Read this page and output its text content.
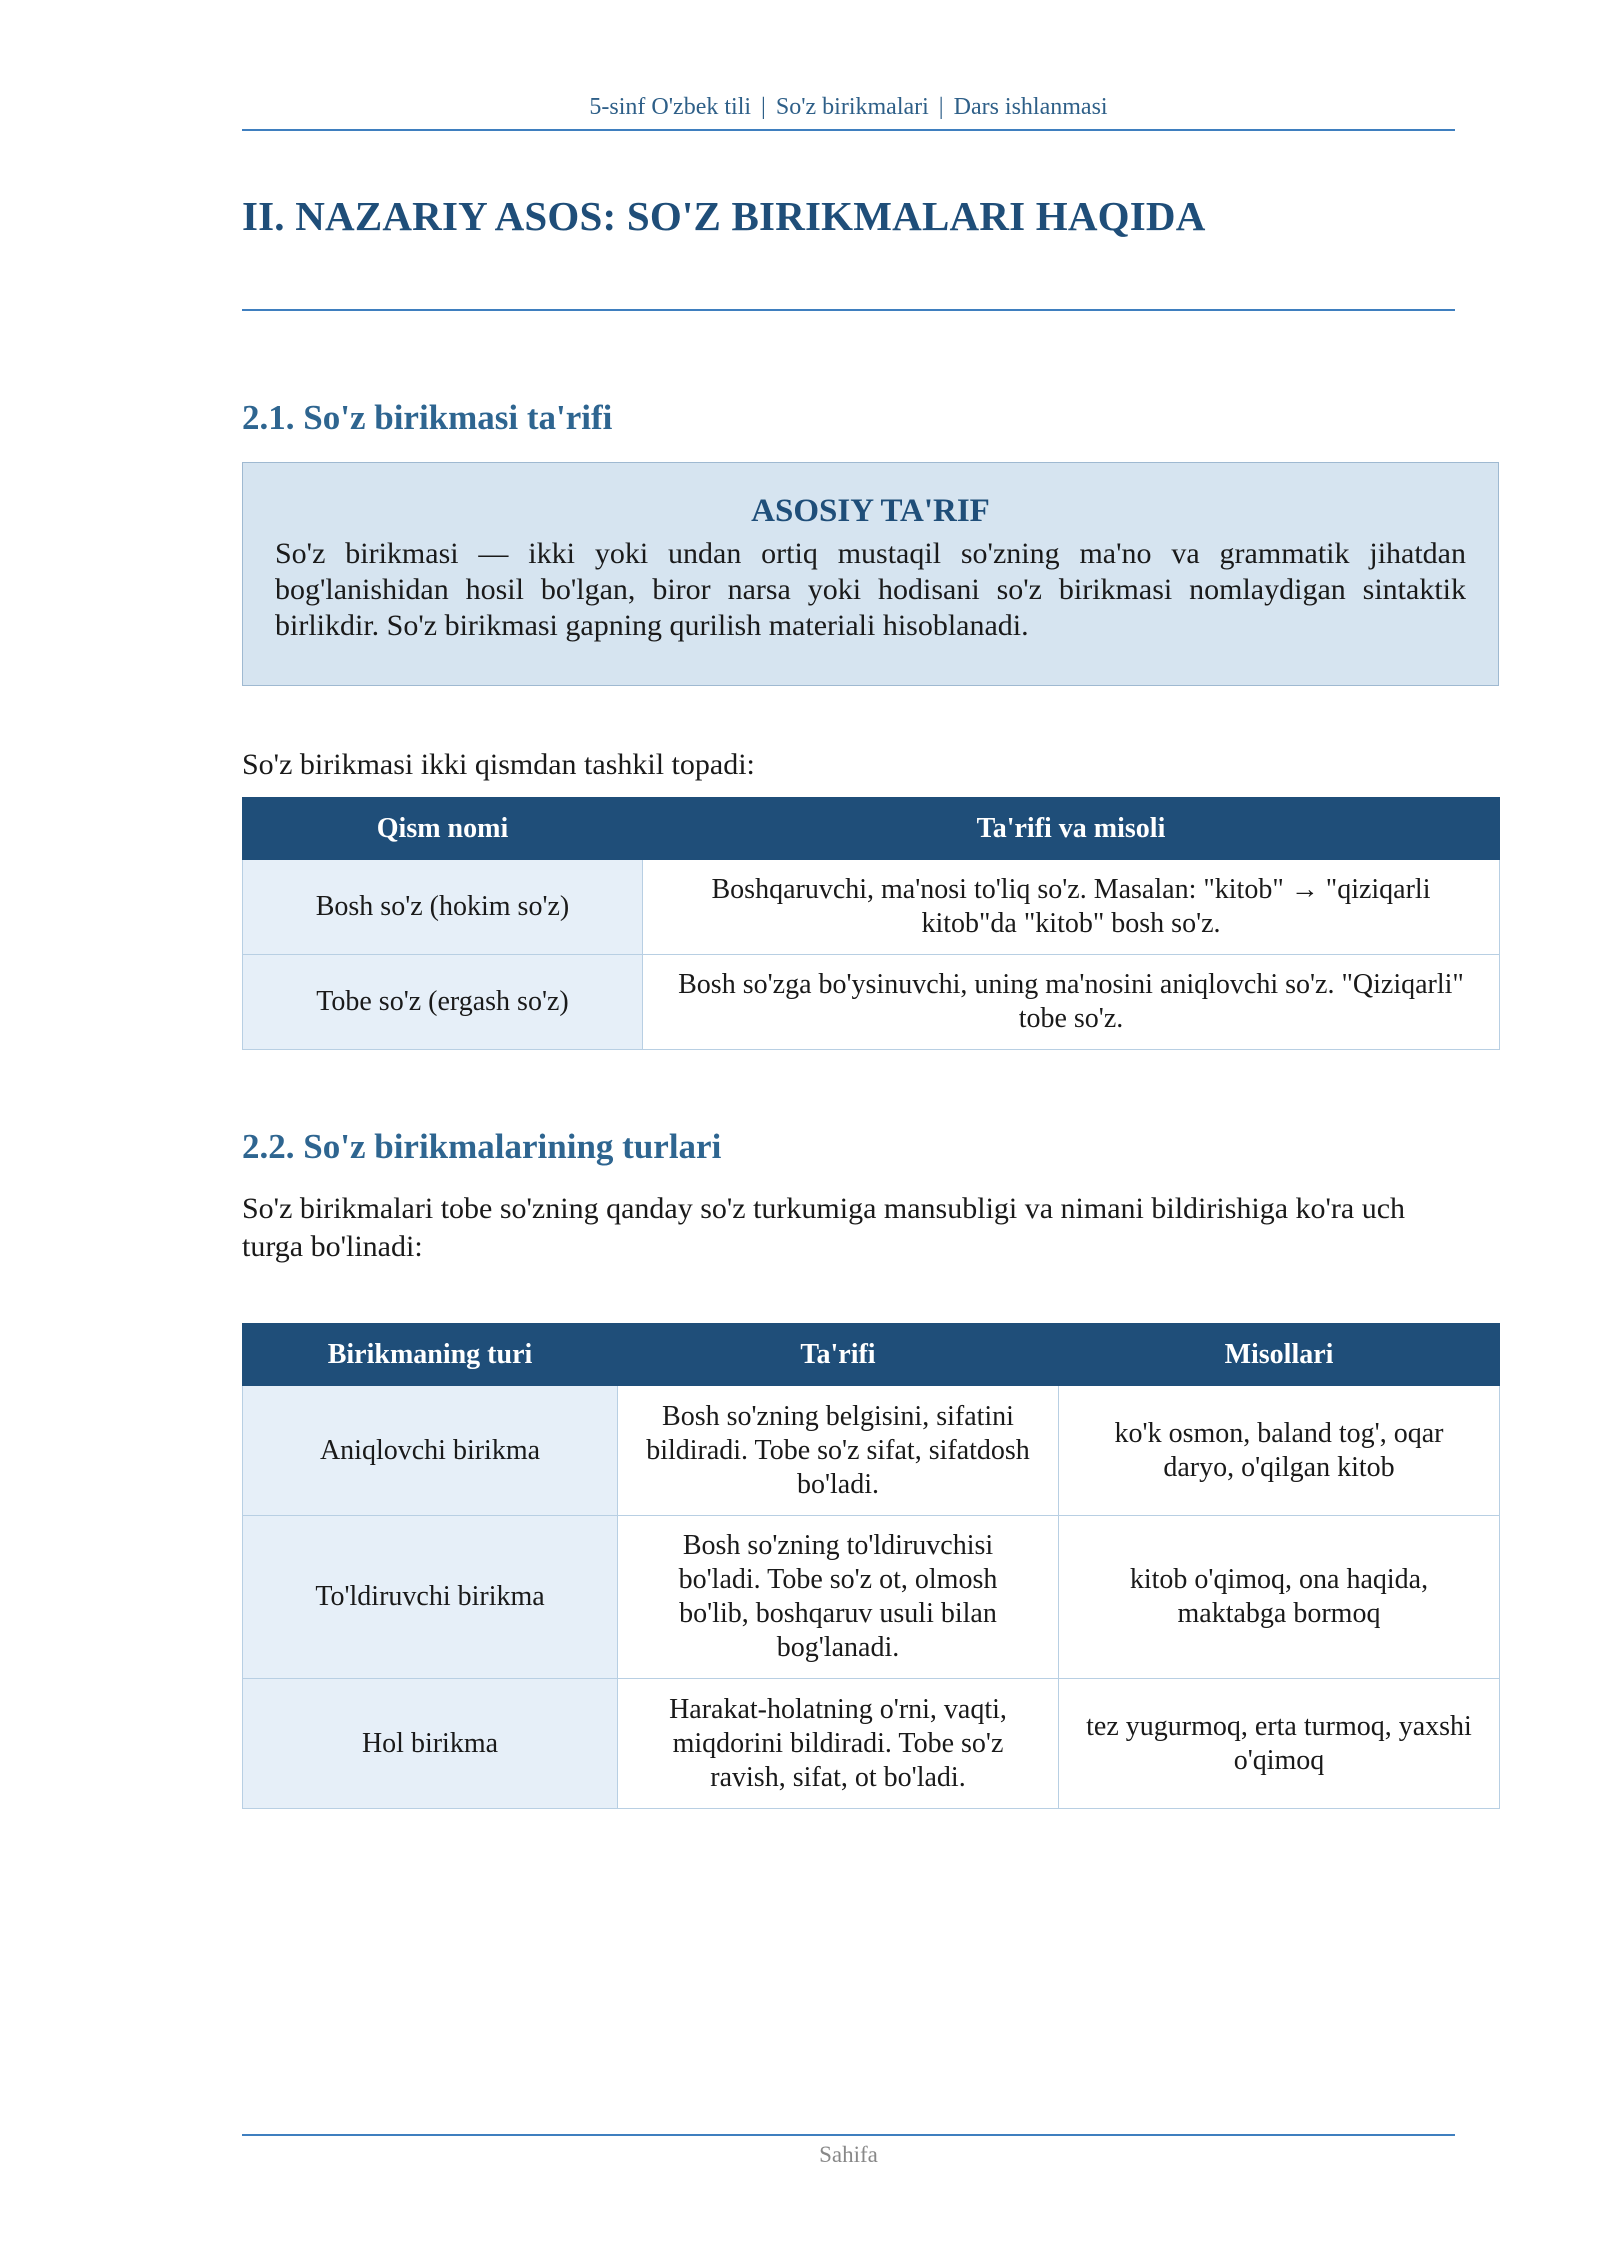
5-sinf O'zbek tili | So'z birikmalari | Dars ishlanmasi
II. NAZARIY ASOS: SO'Z BIRIKMALARI HAQIDA
2.1. So'z birikmasi ta'rifi

ASOSIY TA'RIF

So'z birikmasi — ikki yoki undan ortiq mustaqil so'zning ma'no va grammatik jihatdan bog'lanishidan hosil bo'lgan, biror narsa yoki hodisani so'z birikmasi nomlaydigan sintaktik birlikdir. So'z birikmasi gapning qurilish materiali hisoblanadi.

So'z birikmasi ikki qismdan tashkil topadi:

Qism nomi	Ta'rifi va misoli
Bosh so'z (hokim so'z)	Boshqaruvchi, ma'nosi to'liq so'z. Masalan: "kitob" → "qiziqarli kitob"da "kitob" bosh so'z.
Tobe so'z (ergash so'z)	Bosh so'zga bo'ysinuvchi, uning ma'nosini aniqlovchi so'z. "Qiziqarli" tobe so'z.
2.2. So'z birikmalarining turlari

So'z birikmalari tobe so'zning qanday so'z turkumiga mansubligi va nimani bildirishiga ko'ra uch turga bo'linadi:

Birikmaning turi	Ta'rifi	Misollari
Aniqlovchi birikma	Bosh so'zning belgisini, sifatini bildiradi. Tobe so'z sifat, sifatdosh bo'ladi.	ko'k osmon, baland tog', oqar daryo, o'qilgan kitob
To'ldiruvchi birikma	Bosh so'zning to'ldiruvchisi bo'ladi. Tobe so'z ot, olmosh bo'lib, boshqaruv usuli bilan bog'lanadi.	kitob o'qimoq, ona haqida, maktabga bormoq
Hol birikma	Harakat-holatning o'rni, vaqti, miqdorini bildiradi. Tobe so'z ravish, sifat, ot bo'ladi.	tez yugurmoq, erta turmoq, yaxshi o'qimoq
Sahifa
